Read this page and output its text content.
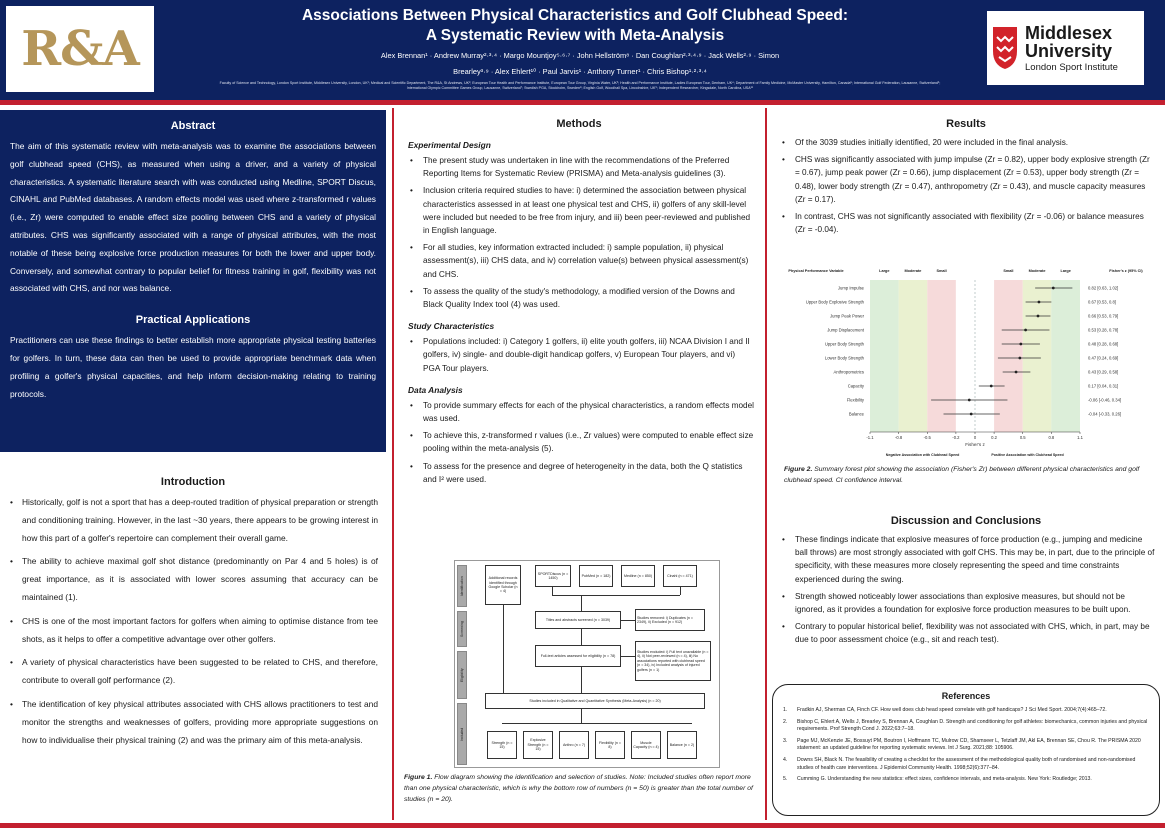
R&A
Associations Between Physical Characteristics and Golf Clubhead Speed:
A Systematic Review with Meta-Analysis
Alex Brennan¹ · Andrew Murray²·³·⁴ · Margo Mountjoy⁵·⁶·⁷ · John Hellström⁸ · Dan Coughlan²·³·⁴·⁹ · Jack Wells²·⁹ · Simon
Brearley³·⁹ · Alex Ehlert¹⁰ · Paul Jarvis¹ · Anthony Turner¹ · Chris Bishop¹·²·³·⁴
Faculty of Science and Technology, London Sport Institute, Middlesex University, London, UK¹; Medical and Scientific Department, The R&A, St Andrews, UK²; European Tour Health and Performance Institute, European Tour Group, Virginia Water, UK³; Health and Performance Institute, Ladies European Tour, Denham, UK⁴; Department of Family Medicine, McMaster University, Hamilton, Canada⁵; International Golf Federation, Lausanne, Switzerland⁶; International Olympic Committee Games Group, Lausanne, Switzerland⁷; Swedish PGA, Stockholm, Sweden⁸; English Golf, Woodhall Spa, Lincolnshire, UK⁹; Independent Researcher, Kingsdale, North Carolina, USA¹⁰
Middlesex
University
London Sport Institute
Abstract

The aim of this systematic review with meta-analysis was to examine the associations between golf clubhead speed (CHS), as measured when using a driver, and a variety of physical characteristics. A systematic literature search with was conducted using Medline, SPORT Discus, CINAHL and PubMed databases. A random effects model was used where z-transformed r values (i.e., Zr) were computed to enable effect size pooling between CHS and a variety of physical attributes. CHS was significantly associated with a range of physical attributes, with the most notable of these being explosive force production measures for both the lower and upper body. Conversely, and somewhat contrary to popular belief for fitness training in golf, flexibility was not associated with CHS, and nor was balance.

Practical Applications

Practitioners can use these findings to better establish more appropriate physical testing batteries for golfers. In turn, these data can then be used to provide appropriate benchmark data when profiling a golfer's physical capacities, and help inform decision-making relating to training protocols.

Introduction
• Historically, golf is not a sport that has a deep-routed tradition of physical preparation or strength and conditioning training. However, in the last ~30 years, there appears to be growing interest in how this part of a golfer's repertoire can complement their overall game.
• The ability to achieve maximal golf shot distance (predominantly on Par 4 and 5 holes) is of great importance, as it is associated with lower scores assuming that accuracy can be maintained (1).
• CHS is one of the most important factors for golfers when aiming to optimise distance from tee shots, as it helps to offer a competitive advantage over other golfers.
• A variety of physical characteristics have been suggested to be related to CHS, and therefore, contribute to overall golf performance (2).
• The identification of key physical attributes associated with CHS allows practitioners to test and monitor the strengths and weaknesses of golfers, providing more appropriate suggestions on how to individualise their physical training (2) and was the primary aim of this meta-analysis.
Methods
Experimental Design
• The present study was undertaken in line with the recommendations of the Preferred Reporting Items for Systematic Review (PRISMA) and Meta-analysis guidelines (3).
• Inclusion criteria required studies to have: i) determined the association between physical characteristics assessed in at least one physical test and CHS, ii) golfers of any skill-level were included but needed to be free from injury, and iii) been peer-reviewed and published in English language.
• For all studies, key information extracted included: i) sample population, ii) physical assessment(s), iii) CHS data, and iv) correlation value(s) between physical assessment(s) and CHS.
• To assess the quality of the study's methodology, a modified version of the Downs and Black Quality Index tool (4) was used.
Study Characteristics
• Populations included: i) Category 1 golfers, ii) elite youth golfers, iii) NCAA Division I and II golfers, iv) single- and double-digit handicap golfers, v) European Tour players, and vi) PGA Tour players.
Data Analysis
• To provide summary effects for each of the physical characteristics, a random effects model was used.
• To achieve this, z-transformed r values (i.e., Zr values) were computed to enable effect size pooling within the meta-analysis (5).
• To assess for the presence and degree of heterogeneity in the data, both the Q statistics and I² were used.
Identification
Screening
Eligibility
Included
Additional records identified through Google Scholar (n = 4)
SPORTDiscus (n = 1450)
PubMed (n = 182)	Medline (n = 850)	Cinahl (n = 471)
Titles and abstracts screened (n = 3039)
Studies removed: i) Duplicates (n = 2349), ii) Excluded (n = 912)
Full-text articles assessed for eligibility (n = 78)
Studies excluded: i) Full text unavailable (n = 4), ii) Not peer-reviewed (n = 4), iii) No associations reported with clubhead speed (n = 34), iv) Included analysis of injured golfers (n = 1)
Studies included in Qualitative and Quantitative Synthesis (Meta-Analysis) (n = 20)
Strength (n = 15)
Explosive Strength (n = 15)
Anthro (n = 7)
Flexibility (n = 8)
Muscle Capacity (n = 4)
Balance (n = 2)
Figure 1. Flow diagram showing the identification and selection of studies. Note: Included studies often report more than one physical characteristic, which is why the bottom row of numbers (n = 50) is greater than the total number of studies (n = 20).
Results
• Of the 3039 studies initially identified, 20 were included in the final analysis.
• CHS was significantly associated with jump impulse (Zr = 0.82), upper body explosive strength (Zr = 0.67), jump peak power (Zr = 0.66), jump displacement (Zr = 0.53), upper body strength (Zr = 0.48), lower body strength (Zr = 0.47), anthropometry (Zr = 0.43), and muscle capacity measures (Zr = 0.17).
• In contrast, CHS was not significantly associated with flexibility (Zr = -0.06) or balance measures (Zr = -0.04).
Physical Performance Variable	Fisher's z (95% CI)
Large	Moderate	Small	Small	Moderate	Large
Jump Impulse	0.82 [0.63, 1.02]
Upper Body Explosive Strength	0.67 [0.53, 0.8]
Jump Peak Power	0.66 [0.53, 0.79]
Jump Displacement	0.53 [0.28, 0.78]
Upper Body Strength	0.48 [0.28, 0.68]
Lower Body Strength	0.47 [0.24, 0.69]
Anthropometrics	0.43 [0.29, 0.58]
Capacity	0.17 [0.04, 0.31]
Flexibility	-0.06 [-0.46, 0.34]
Balance	-0.04 [-0.33, 0.26]
-1.1	-0.8	-0.5	-0.2	0	0.2	0.5	0.8	1.1
Fisher's z
Negative Association with Clubhead Speed	Positive Association with Clubhead Speed
Figure 2. Summary forest plot showing the association (Fisher's Zr) between different physical characteristics and golf clubhead speed. CI confidence interval.
Discussion and Conclusions
• These findings indicate that explosive measures of force production (e.g., jumping and medicine ball throws) are most strongly associated with golf CHS. This may be, in part, due to the principle of specificity, with these measures more closely representing the speed and time constraints experienced during the swing.
• Strength showed noticeably lower associations than explosive measures, but should not be ignored, as it provides a foundation for explosive force production measures to be built upon.
• Contrary to popular historical belief, flexibility was not associated with CHS, which, in part, may be due to poor assessment choice (e.g., sit and reach test).
References
1. Fradkin AJ, Sherman CA, Finch CF. How well does club head speed correlate with golf handicaps? J Sci Med Sport. 2004;7(4):465–72.
2. Bishop C, Ehlert A, Wells J, Brearley S, Brennan A, Coughlan D. Strength and conditioning for golf athletes: biomechanics, common injuries and physical requirements. Prof Strength Cond J. 2022;63:7–18.
3. Page MJ, McKenzie JE, Bossuyt PM, Boutron I, Hoffmann TC, Mulrow CD, Shamseer L, Tetzlaff JM, Akl EA, Brennan SE, Chou R. The PRISMA 2020 statement: an updated guideline for reporting systematic reviews. Int J Surg. 2021;88: 105906.
4. Downs SH, Black N. The feasibility of creating a checklist for the assessment of the methodological quality both of randomised and non-randomised studies of health care interventions. J Epidemiol Community Health. 1998;52(6):377–84.
5. Cumming G. Understanding the new statistics: effect sizes, confidence intervals, and meta-analysis. New York: Routledge; 2013.
